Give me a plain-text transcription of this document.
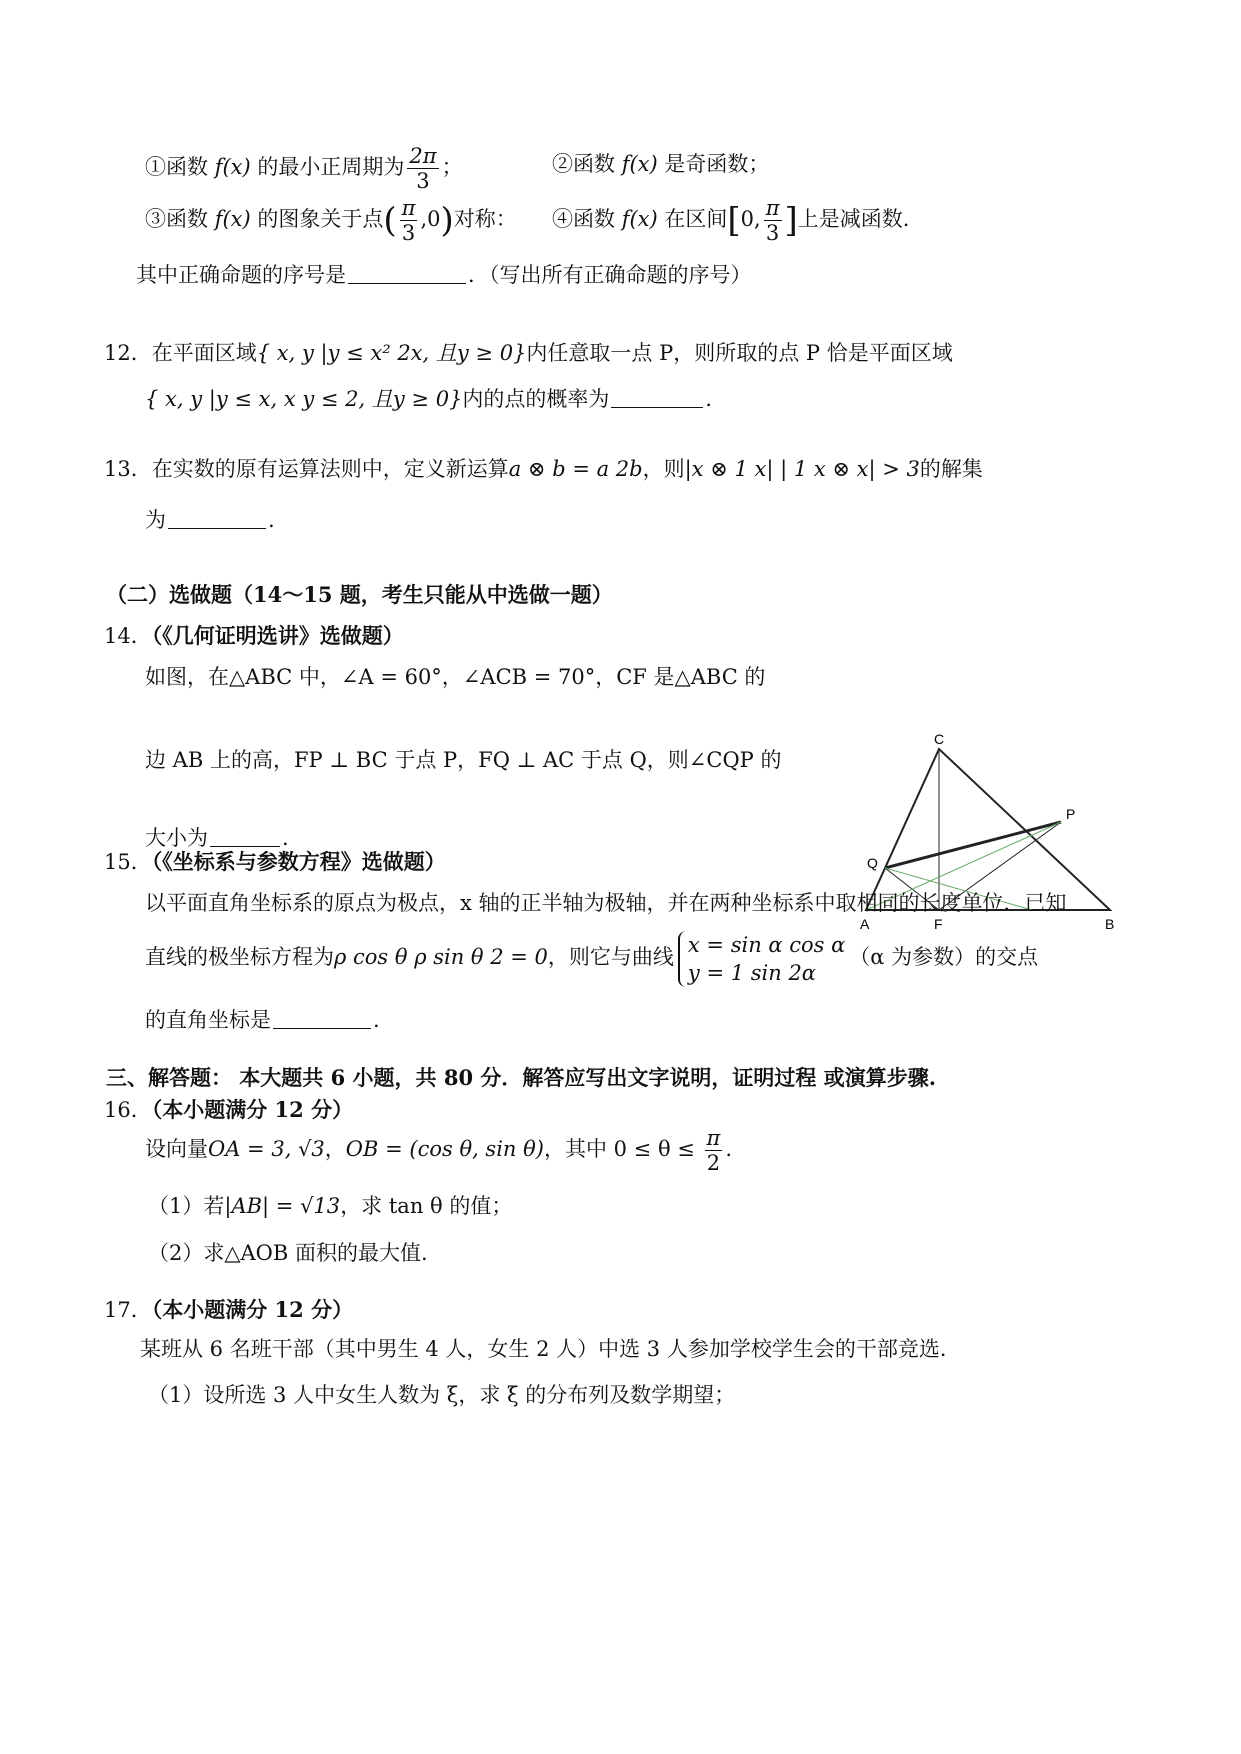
①函数 f(x) 的最小正周期为 $\frac{2\pi}{3}$ ；	②函数 f(x) 是奇函数；
③函数 f(x) 的图象关于点( $\frac{\pi}{3} ,0$)对称： ④函数 f(x) 在区间[0, $\frac{\pi}{3}$ ]上是减函数.
其中正确命题的序号是	．（写出所有正确命题的序号）
12．在平面区域{ x, y |y ≤ x² 2x, 且y ≥ 0}内任意取一点 P，则所取的点 P 恰是平面区域
{ x, y |y ≤ x, x y ≤ 2, 且y ≥ 0}内的点的概率为	．
13．在实数的原有运算法则中，定义新运算a ⊗ b = a 2b，则|x ⊗ 1 x| | 1 x ⊗ x| > 3的解集
为	.
（二）选做题（14～15 题，考生只能从中选做一题）
14．（《几何证明选讲》选做题）
如图，在△ABC 中，∠A = 60°，∠ACB = 70°，CF 是△ABC 的
边 AB 上的高，FP ⊥ BC 于点 P，FQ ⊥ AC 于点 Q，则∠CQP 的
大小为	.
C
P
Q
A	F	B
15．（《坐标系与参数方程》选做题）
以平面直角坐标系的原点为极点，x 轴的正半轴为极轴，并在两种坐标系中取相同的长度单位．已知
直线的极坐标方程为ρ cos θ ρ sin θ 2 = 0，则它与曲线
x = sin α cos α
y = 1 sin 2α
（α 为参数）的交点
的直角坐标是	.
三、解答题： 本大题共 6 小题，共 80 分．解答应写出文字说明，证明过程 或演算步骤.
16．（本小题满分 12 分）
设向量OA = 3, √3，OB = (cos θ, sin θ)，其中 $0 \le \theta \le \frac{\pi}{2}$ .
（1）若|AB| = √13，求 tan θ 的值；
（2）求△AOB 面积的最大值.
17．（本小题满分 12 分）
某班从 6 名班干部（其中男生 4 人，女生 2 人）中选 3 人参加学校学生会的干部竞选．
（1）设所选 3 人中女生人数为 ξ，求 ξ 的分布列及数学期望；
